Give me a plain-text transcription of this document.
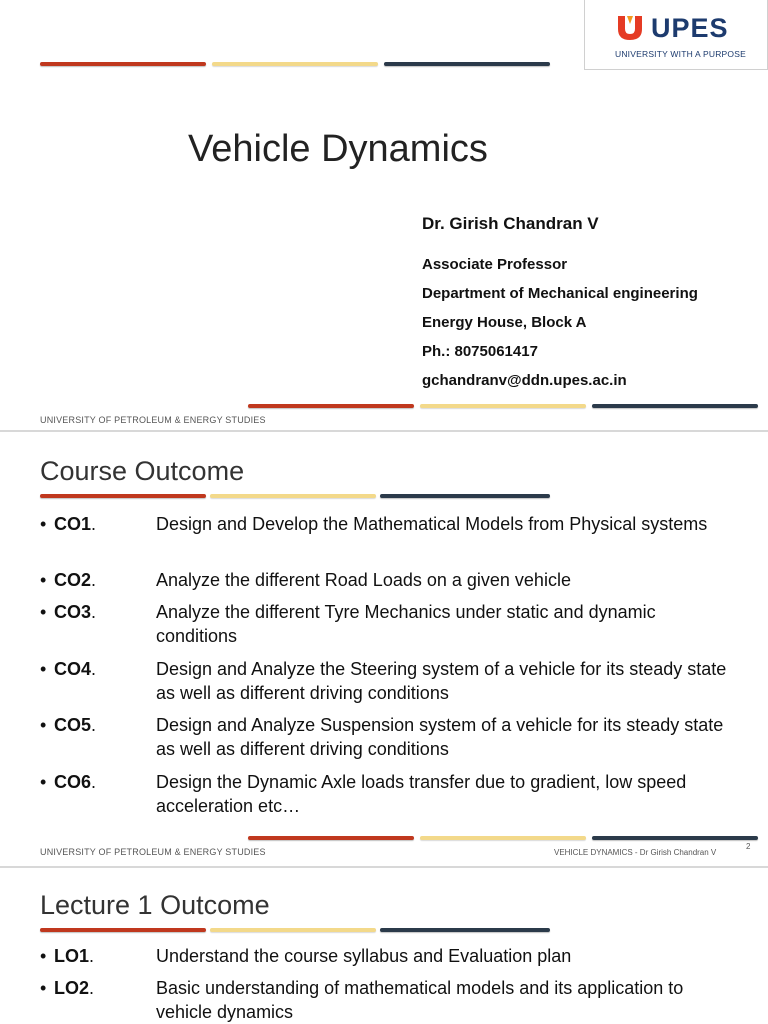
UPES
UNIVERSITY WITH A PURPOSE
Vehicle Dynamics
Dr. Girish Chandran V
Associate Professor
Department of Mechanical engineering
Energy House, Block A
Ph.: 8075061417
gchandranv@ddn.upes.ac.in
UNIVERSITY OF PETROLEUM & ENERGY STUDIES
Course Outcome
• CO1.	Design and Develop the Mathematical Models from Physical systems
• CO2.	Analyze the different Road Loads on a given vehicle
• CO3.	Analyze the different Tyre Mechanics under static and dynamic conditions
• CO4.	Design and Analyze the Steering system of a vehicle for its steady state as well as different driving conditions
• CO5.	Design and Analyze Suspension system of a vehicle for its steady state as well as different driving conditions
• CO6.	Design the Dynamic Axle loads transfer due to gradient, low speed acceleration etc…
UNIVERSITY OF PETROLEUM & ENERGY STUDIES	VEHICLE DYNAMICS - Dr Girish Chandran V
2
Lecture 1 Outcome
• LO1.	Understand the course syllabus and Evaluation plan
• LO2.	Basic understanding of mathematical models and its application to vehicle dynamics
